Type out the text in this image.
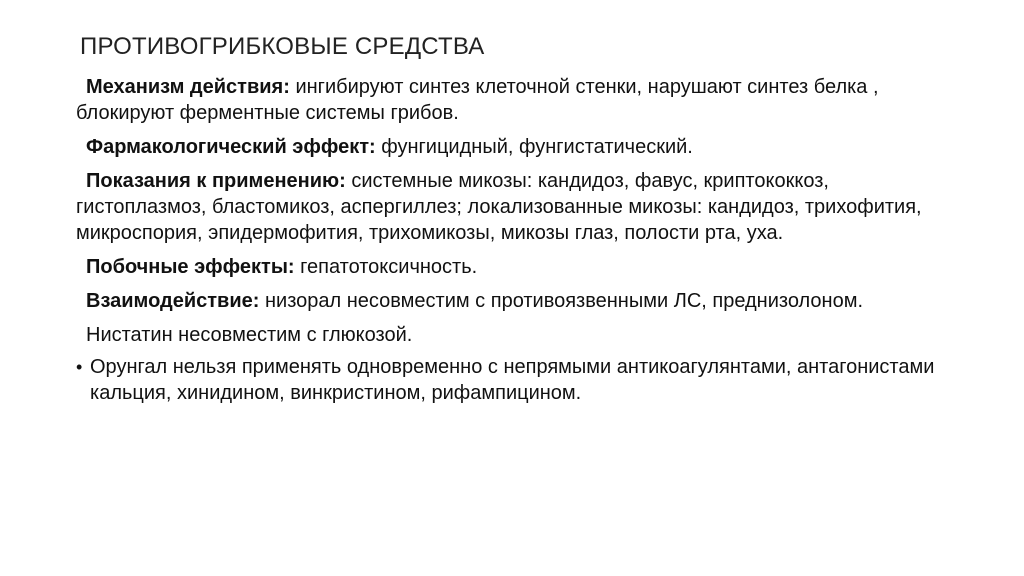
ПРОТИВОГРИБКОВЫЕ СРЕДСТВА

Механизм действия: ингибируют синтез клеточной стенки, нарушают синтез белка , блокируют ферментные системы грибов.

Фармакологический эффект: фунгицидный, фунгистатический.

Показания к применению: системные микозы: кандидоз, фавус, криптококкоз, гистоплазмоз, бластомикоз, аспергиллез; локализованные микозы: кандидоз, трихофития, микроспория, эпидермофития, трихомикозы, микозы глаз, полости рта, уха.

Побочные эффекты: гепатотоксичность.

Взаимодействие: низорал несовместим с противоязвенными ЛС, преднизолоном.

Нистатин несовместим с глюкозой.

• Орунгал нельзя применять одновременно с непрямыми антикоагулянтами, антагонистами кальция, хинидином, винкристином, рифампицином.
